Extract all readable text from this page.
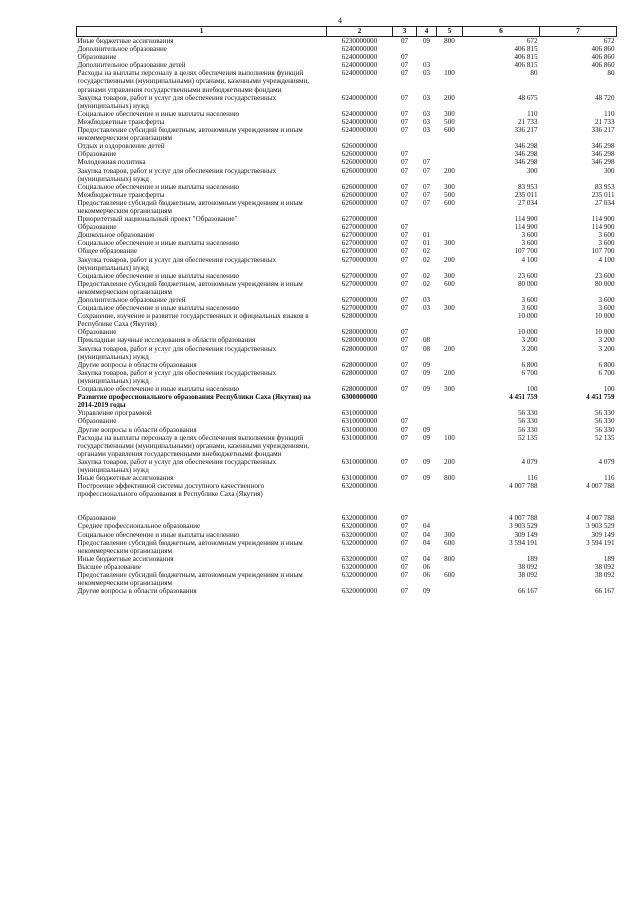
4
1	2	3	4	5	6	7
Иные бюджетные ассигнования	6230000000	07	09	800	672	672
Дополнительное образование	6240000000				406 815	406 860
Образование	6240000000	07			406 815	406 860
Дополнительное образование детей	6240000000	07	03		406 815	406 860
Расходы на выплаты персоналу в целях обеспечения выполнения функций государственными (муниципальными) органами, казенными учреждениями, органами управления государственными внебюджетными фондами	6240000000	07	03	100	80	80
Закупка товаров, работ и услуг для обеспечения государственных (муниципальных) нужд	6240000000	07	03	200	48 675	48 720
Социальное обеспечение и иные выплаты населению	6240000000	07	03	300	110	110
Межбюджетные трансферты	6240000000	07	03	500	21 733	21 733
Предоставление субсидий бюджетным, автономным учреждениям и иным некоммерческим организациям	6240000000	07	03	600	336 217	336 217
Отдых и оздоровление детей	6260000000				346 298	346 298
Образование	6260000000	07			346 298	346 298
Молодежная политика	6260000000	07	07		346 298	346 298
Закупка товаров, работ и услуг для обеспечения государственных (муниципальных) нужд	6260000000	07	07	200	300	300
Социальное обеспечение и иные выплаты населению	6260000000	07	07	300	83 953	83 953
Межбюджетные трансферты	6260000000	07	07	500	235 011	235 011
Предоставление субсидий бюджетным, автономным учреждениям и иным некоммерческим организациям	6260000000	07	07	600	27 034	27 034
Приоритетный национальный проект "Образование"	6270000000				114 900	114 900
Образование	6270000000	07			114 900	114 900
Дошкольное образование	6270000000	07	01		3 600	3 600
Социальное обеспечение и иные выплаты населению	6270000000	07	01	300	3 600	3 600
Общее образование	6270000000	07	02		107 700	107 700
Закупка товаров, работ и услуг для обеспечения государственных (муниципальных) нужд	6270000000	07	02	200	4 100	4 100
Социальное обеспечение и иные выплаты населению	6270000000	07	02	300	23 600	23 600
Предоставление субсидий бюджетным, автономным учреждениям и иным некоммерческим организациям	6270000000	07	02	600	80 000	80 000
Дополнительное образование детей	6270000000	07	03		3 600	3 600
Социальное обеспечение и иные выплаты населению	6270000000	07	03	300	3 600	3 600
Сохранение, изучение и развитие государственных и официальных языков в Республике Саха (Якутия)	6280000000				10 000	10 000
Образование	6280000000	07			10 000	10 000
Прикладные научные исследования в области образования	6280000000	07	08		3 200	3 200
Закупка товаров, работ и услуг для обеспечения государственных (муниципальных) нужд	6280000000	07	08	200	3 200	3 200
Другие вопросы в области образования	6280000000	07	09		6 800	6 800
Закупка товаров, работ и услуг для обеспечения государственных (муниципальных) нужд	6280000000	07	09	200	6 700	6 700
Социальное обеспечение и иные выплаты населению	6280000000	07	09	300	100	100
Развитие профессионального образования Республики Саха (Якутия) на 2014-2019 годы	6300000000				4 451 759	4 451 759
Управление программой	6310000000				56 330	56 330
Образование	6310000000	07			56 330	56 330
Другие вопросы в области образования	6310000000	07	09		56 330	56 330
Расходы на выплаты персоналу в целях обеспечения выполнения функций государственными (муниципальными) органами, казенными учреждениями, органами управления государственными внебюджетными фондами	6310000000	07	09	100	52 135	52 135
Закупка товаров, работ и услуг для обеспечения государственных (муниципальных) нужд	6310000000	07	09	200	4 079	4 079
Иные бюджетные ассигнования	6310000000	07	09	800	116	116
Построение эффективной системы доступного качественного профессионального образования в Республике Саха (Якутия)	6320000000				4 007 788	4 007 788

Образование	6320000000	07			4 007 788	4 007 788
Среднее профессиональное образование	6320000000	07	04		3 903 529	3 903 529
Социальное обеспечение и иные выплаты населению	6320000000	07	04	300	309 149	309 149
Предоставление субсидий бюджетным, автономным учреждениям и иным некоммерческим организациям	6320000000	07	04	600	3 594 191	3 594 191
Иные бюджетные ассигнования	6320000000	07	04	800	189	189
Высшее образование	6320000000	07	06		38 092	38 092
Предоставление субсидий бюджетным, автономным учреждениям и иным некоммерческим организациям	6320000000	07	06	600	38 092	38 092
Другие вопросы в области образования	6320000000	07	09		66 167	66 167
